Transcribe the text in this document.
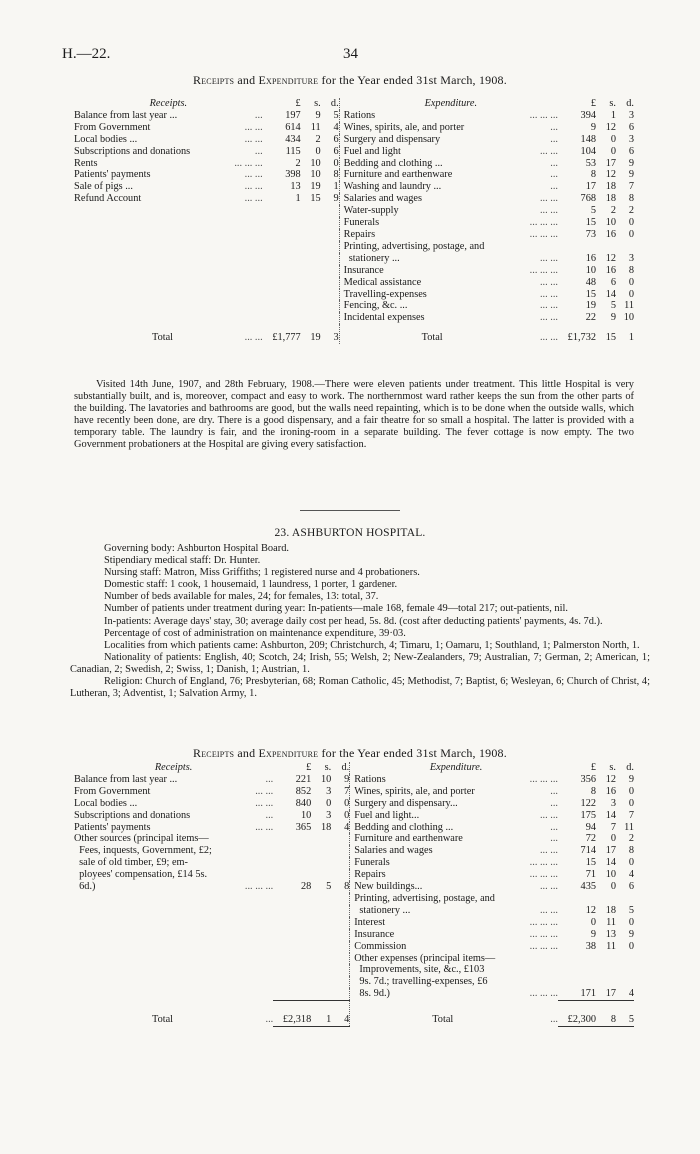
H.—22.	34
Receipts and Expenditure for the Year ended 31st March, 1908.
Receipts.	£	s.	d.		Expenditure.	£	s.	d.
Balance from last year ... ...	197	9	5		Rations ... ... ...	394	1	3
From Government ... ...	614	11	4		Wines, spirits, ale, and porter ...	9	12	6
Local bodies ... ... ...	434	2	6		Surgery and dispensary ...	148	0	3
Subscriptions and donations ...	115	0	6		Fuel and light ... ...	104	0	6
Rents ... ... ...	2	10	0		Bedding and clothing ... ...	53	17	9
Patients' payments ... ...	398	10	8		Furniture and earthenware ...	8	12	9
Sale of pigs ... ... ...	13	19	1		Washing and laundry ... ...	17	18	7
Refund Account ... ...	1	15	9		Salaries and wages ... ...	768	18	8
					Water-supply ... ...	5	2	2
					Funerals ... ... ...	15	10	0
					Repairs ... ... ...	73	16	0
					Printing, advertising, postage, and			
					stationery ... ... ...	16	12	3
					Insurance ... ... ...	10	16	8
					Medical assistance ... ...	48	6	0
					Travelling-expenses ... ...	15	14	0
					Fencing, &c. ... ... ...	19	5	11
					Incidental expenses ... ...	22	9	10
Total ... ...	£1,777	19	3		Total ... ...	£1,732	15	1

Visited 14th June, 1907, and 28th February, 1908.—There were eleven patients under treatment. This little Hospital is very substantially built, and is, moreover, compact and easy to work. The northernmost ward rather keeps the sun from the other parts of the building. The lavatories and bathrooms are good, but the walls need repainting, which is to be done when the outside walls, which have recently been done, are dry. There is a good dispensary, and a fair theatre for so small a hospital. The latter is provided with a temporary table. The laundry is fair, and the ironing-room in a separate building. The fever cottage is now empty. The two Government probationers at the Hospital are giving every satisfaction.

23. ASHBURTON HOSPITAL.

Governing body: Ashburton Hospital Board.

Stipendiary medical staff: Dr. Hunter.

Nursing staff: Matron, Miss Griffiths; 1 registered nurse and 4 probationers.

Domestic staff: 1 cook, 1 housemaid, 1 laundress, 1 porter, 1 gardener.

Number of beds available for males, 24; for females, 13: total, 37.

Number of patients under treatment during year: In-patients—male 168, female 49—total 217; out-patients, nil.

In-patients: Average days' stay, 30; average daily cost per head, 5s. 8d. (cost after deducting patients' payments, 4s. 7d.).

Percentage of cost of administration on maintenance expenditure, 39·03.

Localities from which patients came: Ashburton, 209; Christchurch, 4; Timaru, 1; Oamaru, 1; Southland, 1; Palmerston North, 1.

Nationality of patients: English, 40; Scotch, 24; Irish, 55; Welsh, 2; New-Zealanders, 79; Australian, 7; German, 2; American, 1; Canadian, 2; Swedish, 2; Swiss, 1; Danish, 1; Austrian, 1.

Religion: Church of England, 76; Presbyterian, 68; Roman Catholic, 45; Methodist, 7; Baptist, 6; Wesleyan, 6; Church of Christ, 4; Lutheran, 3; Adventist, 1; Salvation Army, 1.

Receipts and Expenditure for the Year ended 31st March, 1908.
Receipts.	£	s.	d.		Expenditure.	£	s.	d.
Balance from last year ... ...	221	10	9		Rations ... ... ...	356	12	9
From Government ... ...	852	3	7		Wines, spirits, ale, and porter ...	8	16	0
Local bodies ... ... ...	840	0	0		Surgery and dispensary... ...	122	3	0
Subscriptions and donations ...	10	3	0		Fuel and light... ... ...	175	14	7
Patients' payments ... ...	365	18	4		Bedding and clothing ... ...	94	7	11
Other sources (principal items—					Furniture and earthenware ...	72	0	2
Fees, inquests, Government, £2;					Salaries and wages ... ...	714	17	8
sale of old timber, £9; em-					Funerals ... ... ...	15	14	0
ployees' compensation, £14 5s.					Repairs ... ... ...	71	10	4
6d.) ... ... ...	28	5	8		New buildings... ... ...	435	0	6
					Printing, advertising, postage, and			
					stationery ... ... ...	12	18	5
					Interest ... ... ...	0	11	0
					Insurance ... ... ...	9	13	9
					Commission ... ... ...	38	11	0
					Other expenses (principal items—			
					Improvements, site, &c., £103			
					9s. 7d.; travelling-expenses, £6			
					8s. 9d.) ... ... ...	171	17	4
Total ...	£2,318	1	4		Total ...	£2,300	8	5
